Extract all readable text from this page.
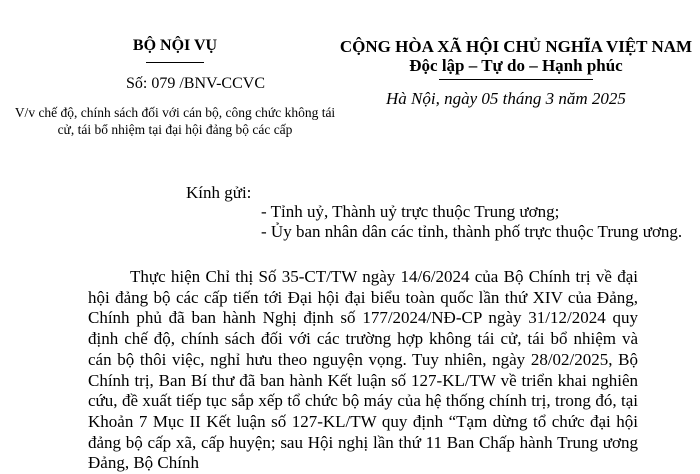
BỘ NỘI VỤ
Số: 079 /BNV-CCVC
V/v chế độ, chính sách đối với cán bộ, công chức không tái cử, tái bổ nhiệm tại đại hội đảng bộ các cấp
CỘNG HÒA XÃ HỘI CHỦ NGHĨA VIỆT NAM
Độc lập – Tự do – Hạnh phúc
Hà Nội, ngày 05 tháng 3 năm 2025
Kính gửi:
- Tỉnh uỷ, Thành uỷ trực thuộc Trung ương;
- Ủy ban nhân dân các tỉnh, thành phố trực thuộc Trung ương.
Thực hiện Chỉ thị Số 35-CT/TW ngày 14/6/2024 của Bộ Chính trị về đại hội đảng bộ các cấp tiến tới Đại hội đại biểu toàn quốc lần thứ XIV của Đảng, Chính phủ đã ban hành Nghị định số 177/2024/NĐ-CP ngày 31/12/2024 quy định chế độ, chính sách đối với các trường hợp không tái cử, tái bổ nhiệm và cán bộ thôi việc, nghỉ hưu theo nguyện vọng. Tuy nhiên, ngày 28/02/2025, Bộ Chính trị, Ban Bí thư đã ban hành Kết luận số 127-KL/TW về triển khai nghiên cứu, đề xuất tiếp tục sắp xếp tổ chức bộ máy của hệ thống chính trị, trong đó, tại Khoản 7 Mục II Kết luận số 127-KL/TW quy định “Tạm dừng tổ chức đại hội đảng bộ cấp xã, cấp huyện; sau Hội nghị lần thứ 11 Ban Chấp hành Trung ương Đảng, Bộ Chính
